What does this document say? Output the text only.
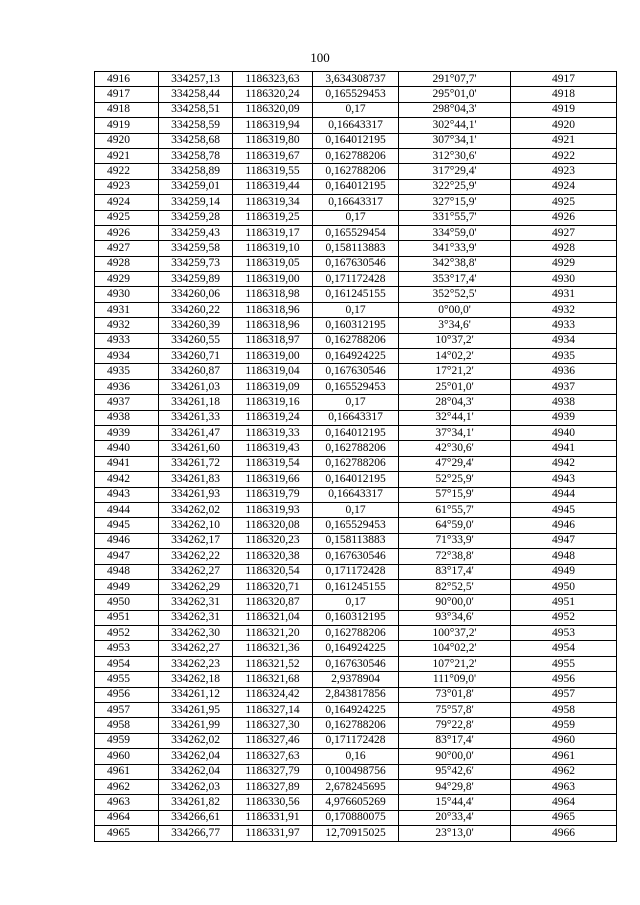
100
4916	334257,13	1186323,63	3,634308737	291°07,7'	4917
4917	334258,44	1186320,24	0,165529453	295°01,0'	4918
4918	334258,51	1186320,09	0,17	298°04,3'	4919
4919	334258,59	1186319,94	0,16643317	302°44,1'	4920
4920	334258,68	1186319,80	0,164012195	307°34,1'	4921
4921	334258,78	1186319,67	0,162788206	312°30,6'	4922
4922	334258,89	1186319,55	0,162788206	317°29,4'	4923
4923	334259,01	1186319,44	0,164012195	322°25,9'	4924
4924	334259,14	1186319,34	0,16643317	327°15,9'	4925
4925	334259,28	1186319,25	0,17	331°55,7'	4926
4926	334259,43	1186319,17	0,165529454	334°59,0'	4927
4927	334259,58	1186319,10	0,158113883	341°33,9'	4928
4928	334259,73	1186319,05	0,167630546	342°38,8'	4929
4929	334259,89	1186319,00	0,171172428	353°17,4'	4930
4930	334260,06	1186318,98	0,161245155	352°52,5'	4931
4931	334260,22	1186318,96	0,17	0°00,0'	4932
4932	334260,39	1186318,96	0,160312195	3°34,6'	4933
4933	334260,55	1186318,97	0,162788206	10°37,2'	4934
4934	334260,71	1186319,00	0,164924225	14°02,2'	4935
4935	334260,87	1186319,04	0,167630546	17°21,2'	4936
4936	334261,03	1186319,09	0,165529453	25°01,0'	4937
4937	334261,18	1186319,16	0,17	28°04,3'	4938
4938	334261,33	1186319,24	0,16643317	32°44,1'	4939
4939	334261,47	1186319,33	0,164012195	37°34,1'	4940
4940	334261,60	1186319,43	0,162788206	42°30,6'	4941
4941	334261,72	1186319,54	0,162788206	47°29,4'	4942
4942	334261,83	1186319,66	0,164012195	52°25,9'	4943
4943	334261,93	1186319,79	0,16643317	57°15,9'	4944
4944	334262,02	1186319,93	0,17	61°55,7'	4945
4945	334262,10	1186320,08	0,165529453	64°59,0'	4946
4946	334262,17	1186320,23	0,158113883	71°33,9'	4947
4947	334262,22	1186320,38	0,167630546	72°38,8'	4948
4948	334262,27	1186320,54	0,171172428	83°17,4'	4949
4949	334262,29	1186320,71	0,161245155	82°52,5'	4950
4950	334262,31	1186320,87	0,17	90°00,0'	4951
4951	334262,31	1186321,04	0,160312195	93°34,6'	4952
4952	334262,30	1186321,20	0,162788206	100°37,2'	4953
4953	334262,27	1186321,36	0,164924225	104°02,2'	4954
4954	334262,23	1186321,52	0,167630546	107°21,2'	4955
4955	334262,18	1186321,68	2,9378904	111°09,0'	4956
4956	334261,12	1186324,42	2,843817856	73°01,8'	4957
4957	334261,95	1186327,14	0,164924225	75°57,8'	4958
4958	334261,99	1186327,30	0,162788206	79°22,8'	4959
4959	334262,02	1186327,46	0,171172428	83°17,4'	4960
4960	334262,04	1186327,63	0,16	90°00,0'	4961
4961	334262,04	1186327,79	0,100498756	95°42,6'	4962
4962	334262,03	1186327,89	2,678245695	94°29,8'	4963
4963	334261,82	1186330,56	4,976605269	15°44,4'	4964
4964	334266,61	1186331,91	0,170880075	20°33,4'	4965
4965	334266,77	1186331,97	12,70915025	23°13,0'	4966
